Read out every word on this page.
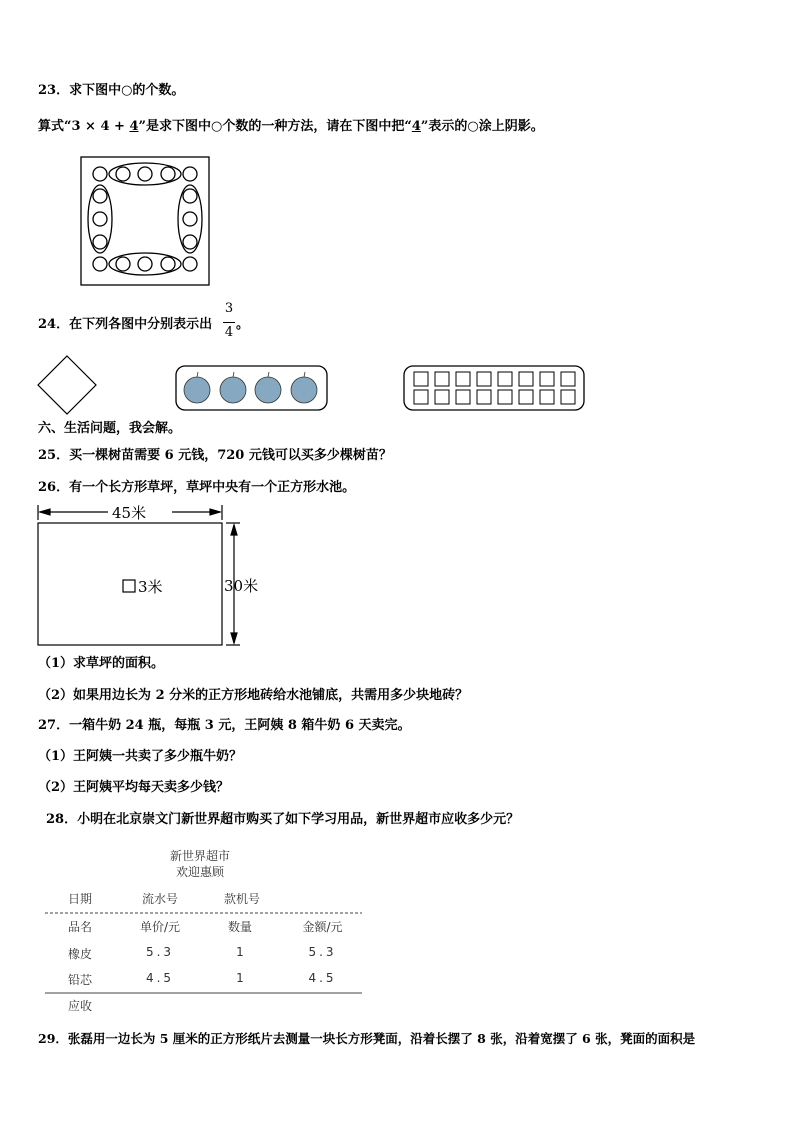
23．求下图中○的个数。
算式“3 × 4 + 4”是求下图中○个数的一种方法，请在下图中把“4”表示的○涂上阴影。
24．在下列各图中分别表示出
3
4
。
六、生活问题，我会解。
25．买一棵树苗需要 6 元钱，720 元钱可以买多少棵树苗？
26．有一个长方形草坪，草坪中央有一个正方形水池。
45米
30米
3米
（1）求草坪的面积。
（2）如果用边长为 2 分米的正方形地砖给水池铺底，共需用多少块地砖？
27．一箱牛奶 24 瓶，每瓶 3 元，王阿姨 8 箱牛奶 6 天卖完。
（1）王阿姨一共卖了多少瓶牛奶？
（2）王阿姨平均每天卖多少钱？
28．小明在北京崇文门新世界超市购买了如下学习用品，新世界超市应收多少元？
新世界超市
欢迎惠顾
日期	流水号	款机号
品名	单价/元	数量	金额/元
橡皮	5.3	1	5.3
铅芯	4.5	1	4.5
应收
29．张磊用一边长为 5 厘米的正方形纸片去测量一块长方形凳面，沿着长摆了 8 张，沿着宽摆了 6 张，凳面的面积是
